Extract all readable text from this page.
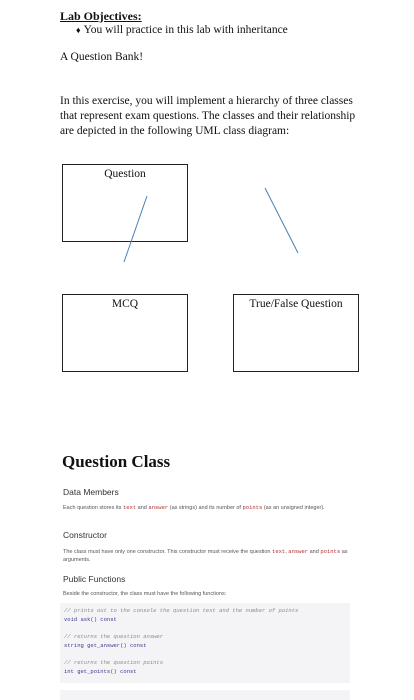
Lab Objectives:
♦ You will practice in this lab with inheritance
A Question Bank!
In this exercise, you will implement a hierarchy of three classes that represent exam questions. The classes and their relationship are depicted in the following UML class diagram:
Question
MCQ	True/False Question
Question Class
Data Members
Each question stores its text and answer (as strings) and its number of points (as an unsigned integer).
Constructor
The class must have only one constructor. This constructor must receive the question text, answer and points as arguments.
Public Functions
Beside the constructor, the class must have the following functions:
// prints out to the console the question text and the number of points
void ask() const
// returns the question answer
string get_answer() const
// returns the question points
int get_points() const
